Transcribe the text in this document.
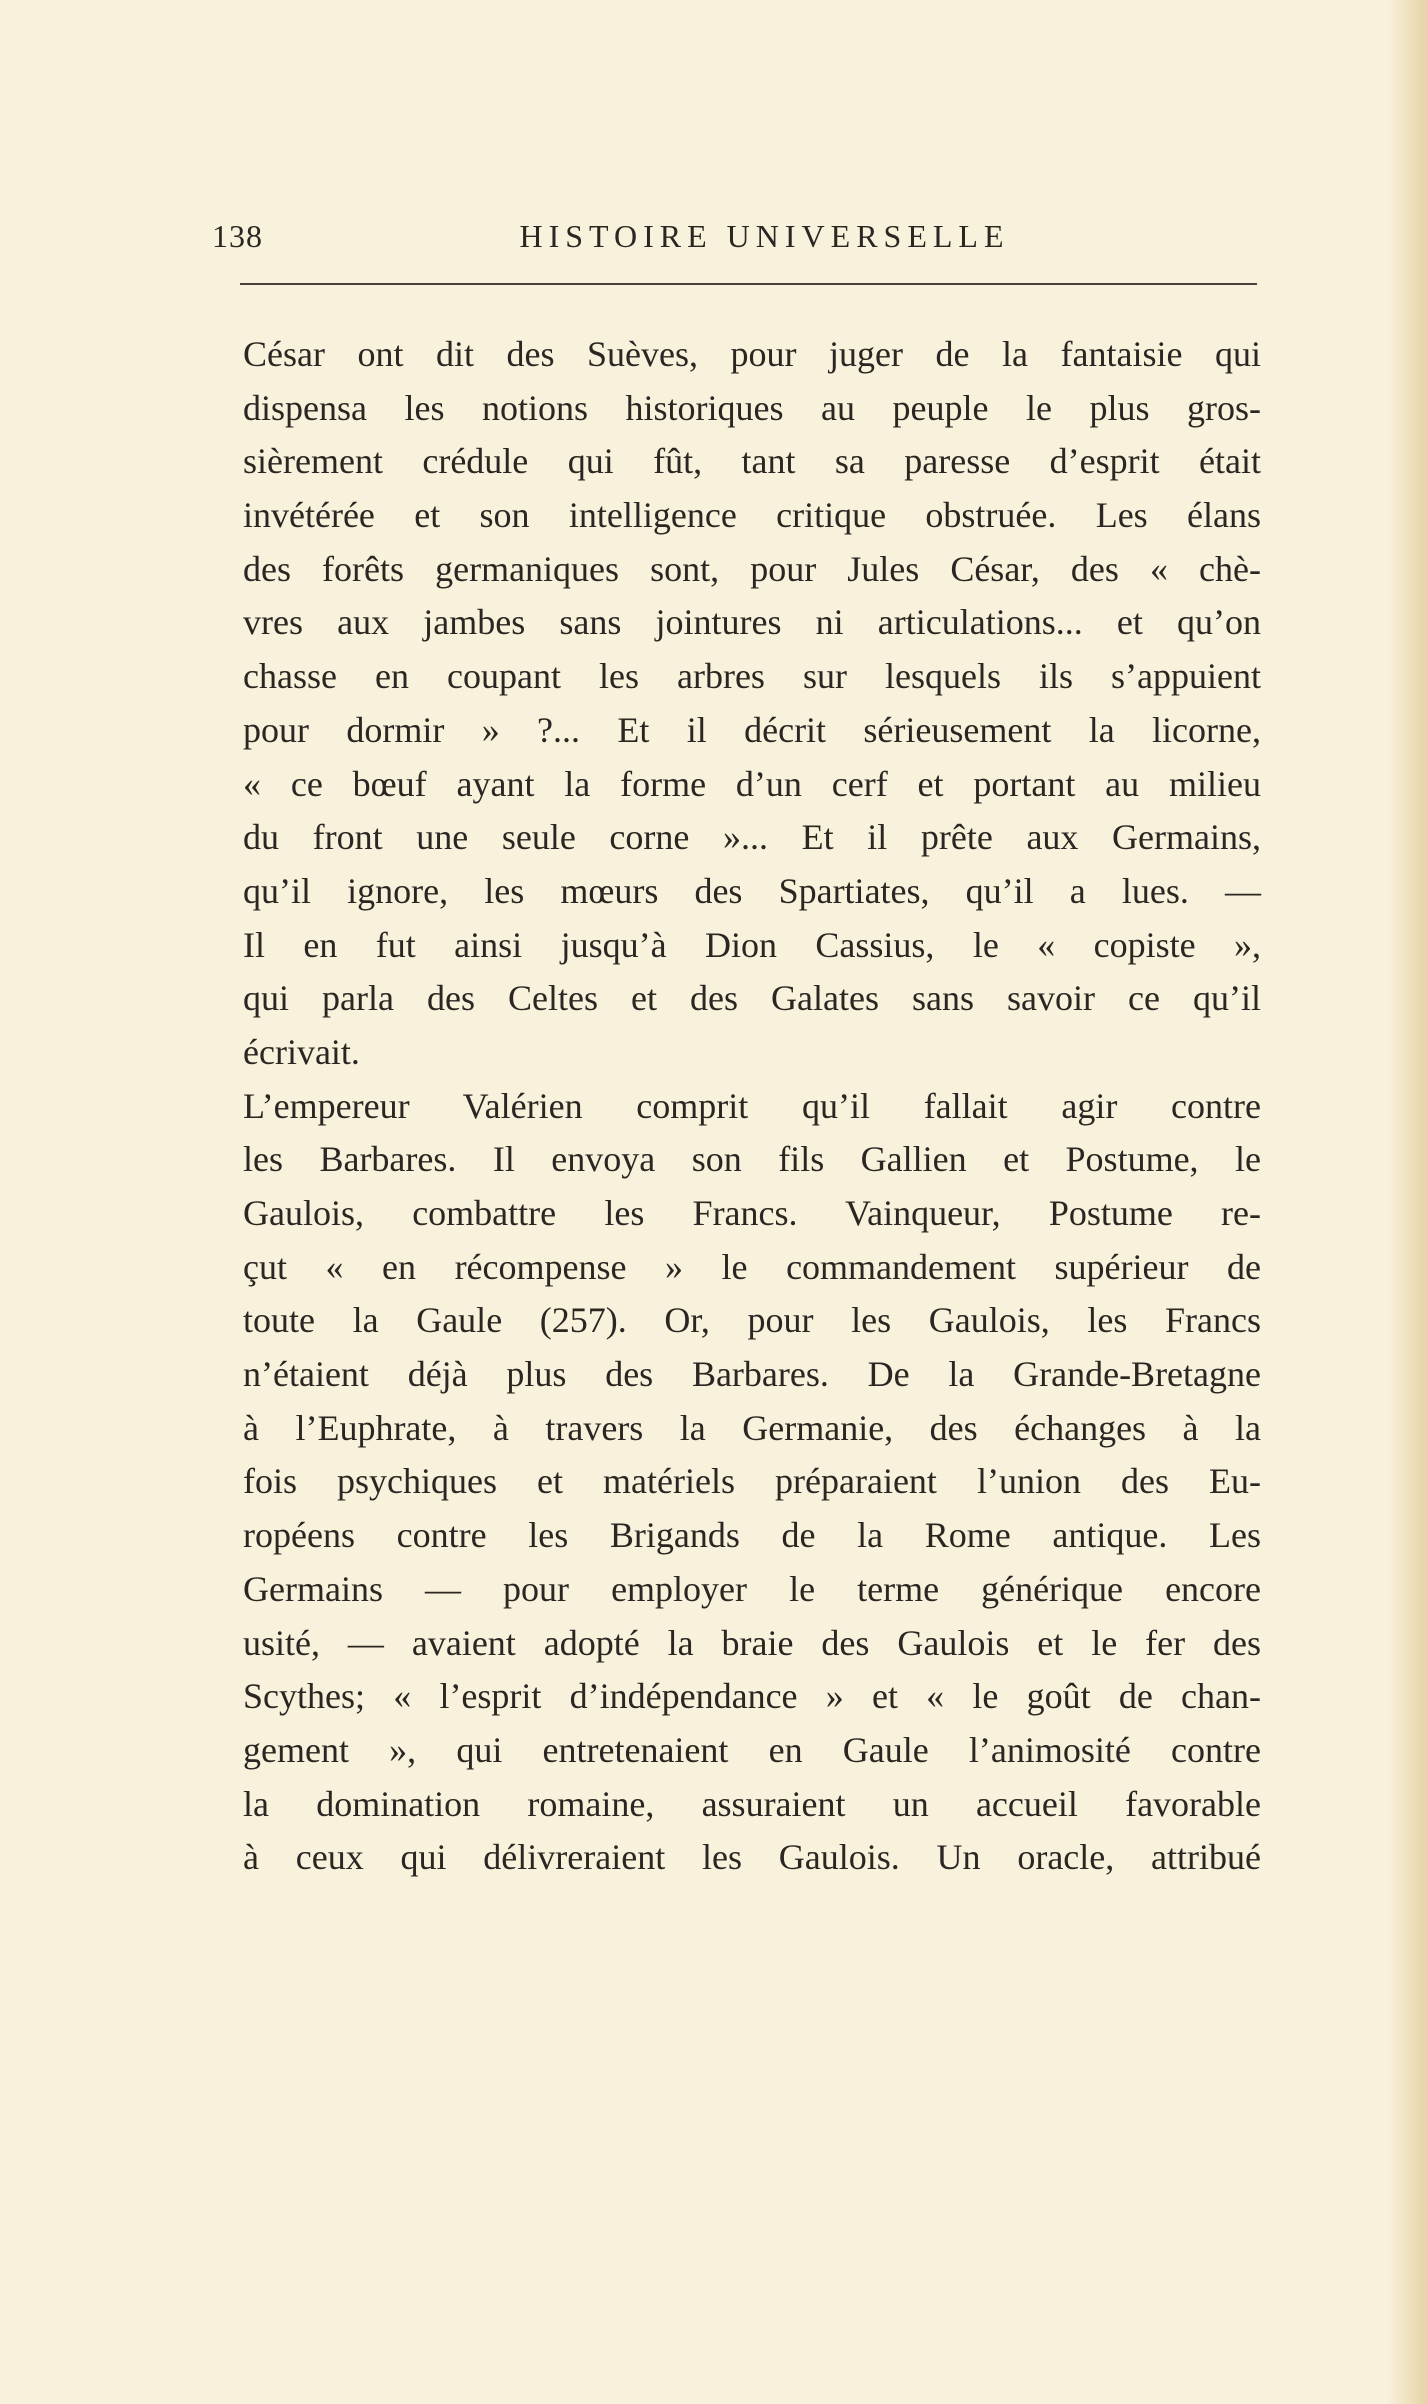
138	HISTOIRE UNIVERSELLE
César ont dit des Suèves, pour juger de la fantaisie qui
dispensa les notions historiques au peuple le plus gros-
sièrement crédule qui fût, tant sa paresse d’esprit était
invétérée et son intelligence critique obstruée. Les élans
des forêts germaniques sont, pour Jules César, des « chè-
vres aux jambes sans jointures ni articulations... et qu’on
chasse en coupant les arbres sur lesquels ils s’appuient
pour dormir » ?... Et il décrit sérieusement la licorne,
« ce bœuf ayant la forme d’un cerf et portant au milieu
du front une seule corne »... Et il prête aux Germains,
qu’il ignore, les mœurs des Spartiates, qu’il a lues. —
Il en fut ainsi jusqu’à Dion Cassius, le « copiste »,
qui parla des Celtes et des Galates sans savoir ce qu’il
écrivait.
L’empereur Valérien comprit qu’il fallait agir contre
les Barbares. Il envoya son fils Gallien et Postume, le
Gaulois, combattre les Francs. Vainqueur, Postume re-
çut « en récompense » le commandement supérieur de
toute la Gaule (257). Or, pour les Gaulois, les Francs
n’étaient déjà plus des Barbares. De la Grande-Bretagne
à l’Euphrate, à travers la Germanie, des échanges à la
fois psychiques et matériels préparaient l’union des Eu-
ropéens contre les Brigands de la Rome antique. Les
Germains — pour employer le terme générique encore
usité, — avaient adopté la braie des Gaulois et le fer des
Scythes; « l’esprit d’indépendance » et « le goût de chan-
gement », qui entretenaient en Gaule l’animosité contre
la domination romaine, assuraient un accueil favorable
à ceux qui délivreraient les Gaulois. Un oracle, attribué
